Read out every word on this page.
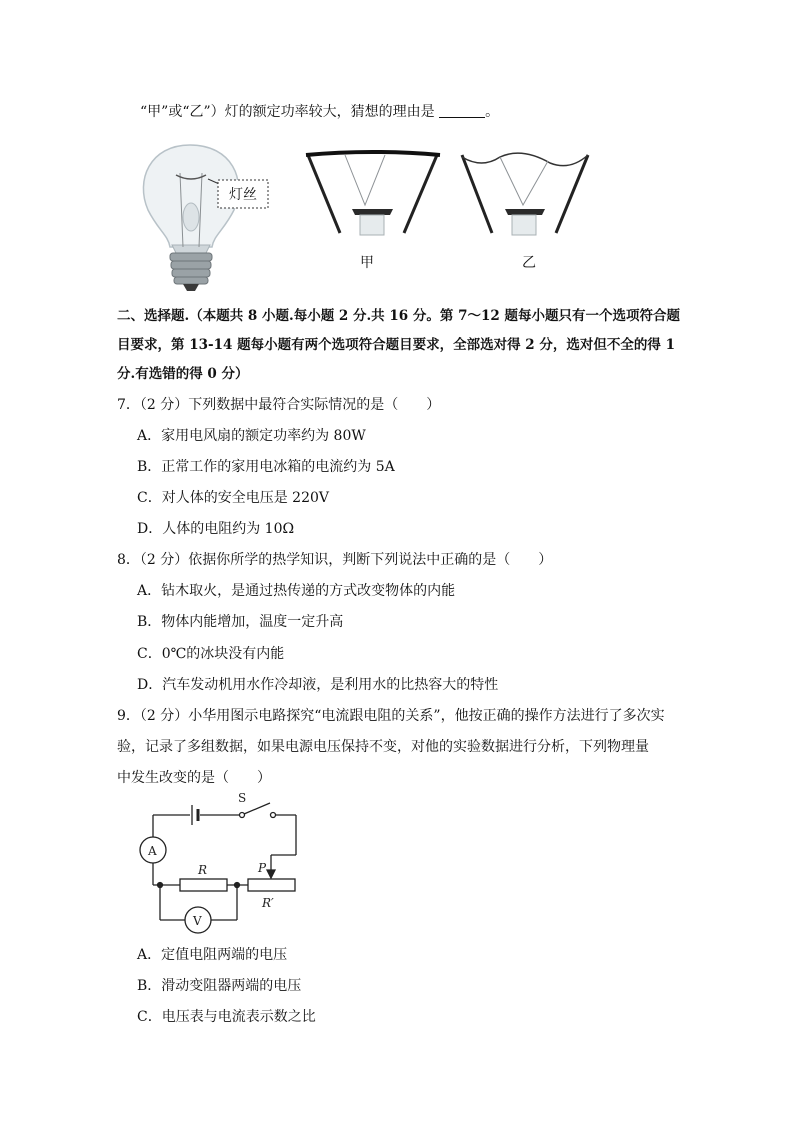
“甲”或“乙”）灯的额定功率较大，猜想的理由是	。
灯丝
甲	乙
二、选择题.（本题共 8 小题.每小题 2 分.共 16 分。第 7～12 题每小题只有一个选项符合题
目要求，第 13-14 题每小题有两个选项符合题目要求，全部选对得 2 分，选对但不全的得 1
分.有选错的得 0 分）
7．（2 分）下列数据中最符合实际情况的是（　　）
A．家用电风扇的额定功率约为 80W
B．正常工作的家用电冰箱的电流约为 5A
C．对人体的安全电压是 220V
D．人体的电阻约为 10Ω
8．（2 分）依据你所学的热学知识，判断下列说法中正确的是（　　）
A．钻木取火，是通过热传递的方式改变物体的内能
B．物体内能增加，温度一定升高
C．0℃的冰块没有内能
D．汽车发动机用水作冷却液，是利用水的比热容大的特性
9．（2 分）小华用图示电路探究“电流跟电阻的关系”，他按正确的操作方法进行了多次实
验，记录了多组数据，如果电源电压保持不变，对他的实验数据进行分析，下列物理量
中发生改变的是（　　）
S
P
A
R
R′
V
A．定值电阻两端的电压
B．滑动变阻器两端的电压
C．电压表与电流表示数之比
